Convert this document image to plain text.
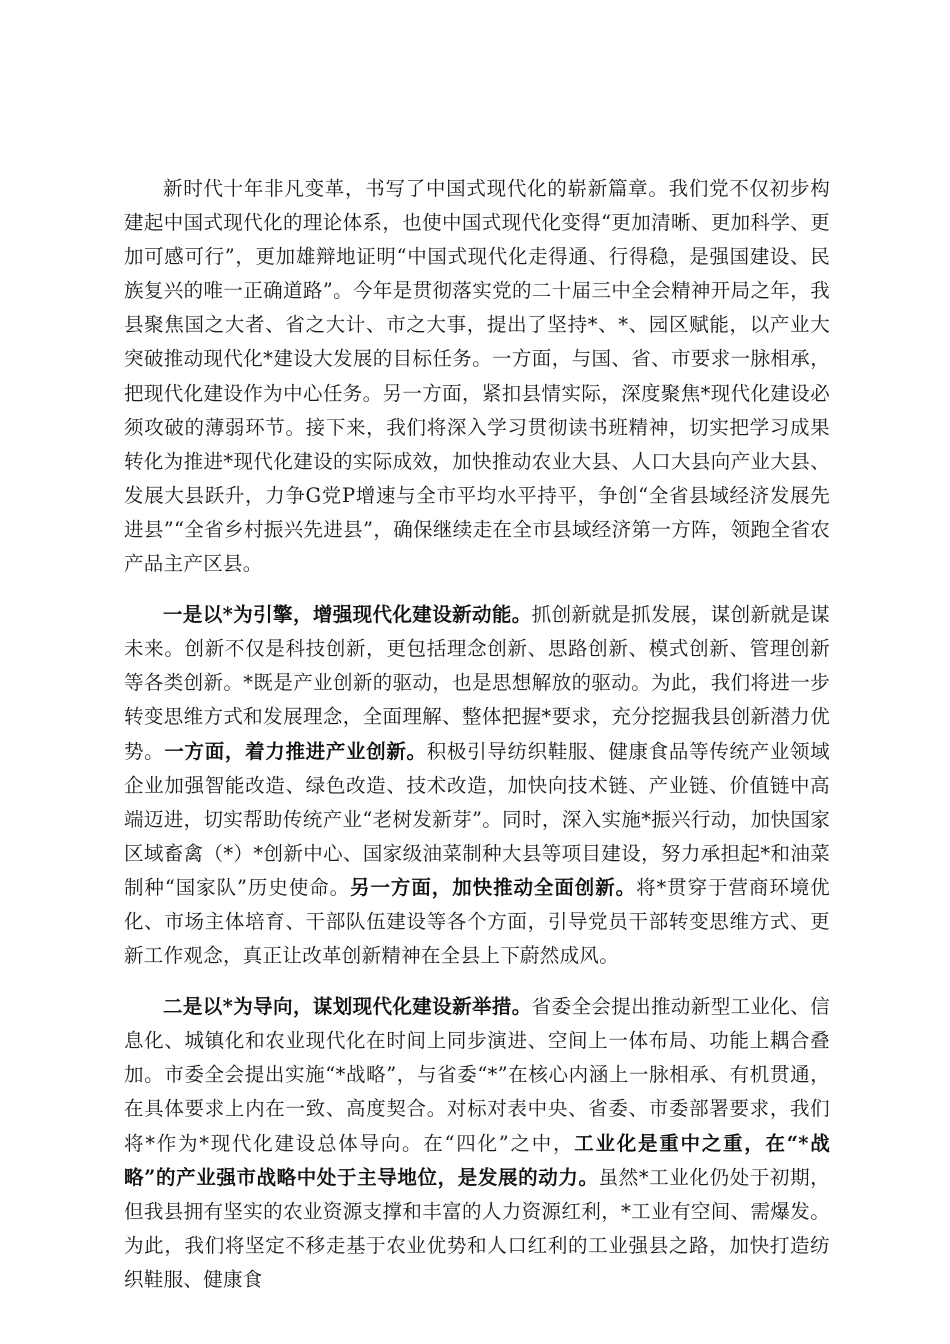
新时代十年非凡变革，书写了中国式现代化的崭新篇章。我们党不仅初步构建起中国式现代化的理论体系，也使中国式现代化变得“更加清晰、更加科学、更加可感可行”，更加雄辩地证明“中国式现代化走得通、行得稳，是强国建设、民族复兴的唯一正确道路”。今年是贯彻落实党的二十届三中全会精神开局之年，我县聚焦国之大者、省之大计、市之大事，提出了坚持*、*、园区赋能，以产业大突破推动现代化*建设大发展的目标任务。一方面，与国、省、市要求一脉相承，把现代化建设作为中心任务。另一方面，紧扣县情实际，深度聚焦*现代化建设必须攻破的薄弱环节。接下来，我们将深入学习贯彻读书班精神，切实把学习成果转化为推进*现代化建设的实际成效，加快推动农业大县、人口大县向产业大县、发展大县跃升，力争G党P增速与全市平均水平持平，争创“全省县域经济发展先进县”“全省乡村振兴先进县”，确保继续走在全市县域经济第一方阵，领跑全省农产品主产区县。

一是以*为引擎，增强现代化建设新动能。抓创新就是抓发展，谋创新就是谋未来。创新不仅是科技创新，更包括理念创新、思路创新、模式创新、管理创新等各类创新。*既是产业创新的驱动，也是思想解放的驱动。为此，我们将进一步转变思维方式和发展理念，全面理解、整体把握*要求，充分挖掘我县创新潜力优势。一方面，着力推进产业创新。积极引导纺织鞋服、健康食品等传统产业领域企业加强智能改造、绿色改造、技术改造，加快向技术链、产业链、价值链中高端迈进，切实帮助传统产业“老树发新芽”。同时，深入实施*振兴行动，加快国家区域畜禽（*）*创新中心、国家级油菜制种大县等项目建设，努力承担起*和油菜制种“国家队”历史使命。另一方面，加快推动全面创新。将*贯穿于营商环境优化、市场主体培育、干部队伍建设等各个方面，引导党员干部转变思维方式、更新工作观念，真正让改革创新精神在全县上下蔚然成风。

二是以*为导向，谋划现代化建设新举措。省委全会提出推动新型工业化、信息化、城镇化和农业现代化在时间上同步演进、空间上一体布局、功能上耦合叠加。市委全会提出实施“*战略”，与省委“*”在核心内涵上一脉相承、有机贯通，在具体要求上内在一致、高度契合。对标对表中央、省委、市委部署要求，我们将*作为*现代化建设总体导向。在“四化”之中，工业化是重中之重，在“*战略”的产业强市战略中处于主导地位，是发展的动力。虽然*工业化仍处于初期，但我县拥有坚实的农业资源支撑和丰富的人力资源红利，*工业有空间、需爆发。为此，我们将坚定不移走基于农业优势和人口红利的工业强县之路，加快打造纺织鞋服、健康食
